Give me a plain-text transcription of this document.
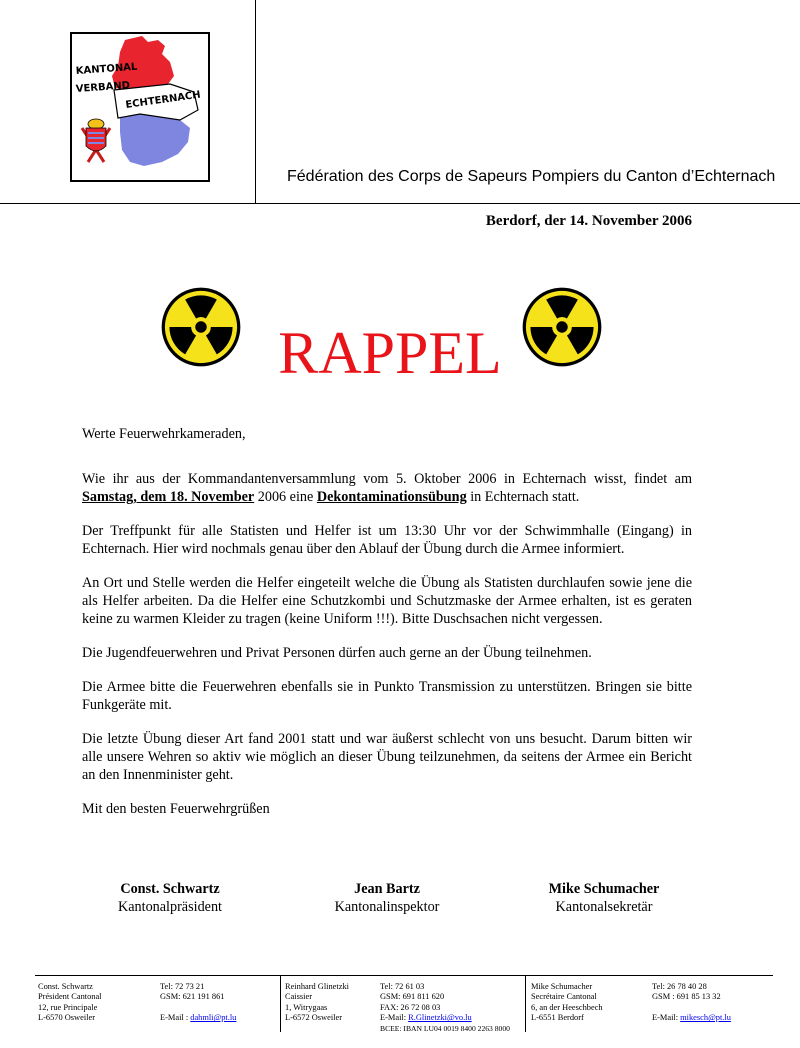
KANTONAL
VERBAND
ECHTERNACH
Fédération des Corps de Sapeurs Pompiers du Canton d’Echternach
Berdorf, der 14. November 2006
RAPPEL

Werte Feuerwehrkameraden,

Wie ihr aus der Kommandantenversammlung vom 5. Oktober 2006 in Echternach wisst, findet am Samstag, dem 18. November 2006 eine Dekontaminationsübung in Echternach statt.

Der Treffpunkt für alle Statisten und Helfer ist um 13:30 Uhr vor der Schwimmhalle (Eingang) in Echternach. Hier wird nochmals genau über den Ablauf der Übung durch die Armee informiert.

An Ort und Stelle werden die Helfer eingeteilt welche die Übung als Statisten durchlaufen sowie jene die als Helfer arbeiten. Da die Helfer eine Schutzkombi und Schutzmaske der Armee erhalten, ist es geraten keine zu warmen Kleider zu tragen (keine Uniform !!!). Bitte Duschsachen nicht vergessen.

Die Jugendfeuerwehren und Privat Personen dürfen auch gerne an der Übung teilnehmen.

Die Armee bitte die Feuerwehren ebenfalls sie in Punkto Transmission zu unterstützen. Bringen sie bitte Funkgeräte mit.

Die letzte Übung dieser Art fand 2001 statt und war äußerst schlecht von uns besucht. Darum bitten wir alle unsere Wehren so aktiv wie möglich an dieser Übung teilzunehmen, da seitens der Armee ein Bericht an den Innenminister geht.

Mit den besten Feuerwehrgrüßen

Const. Schwartz
Kantonalpräsident
Jean Bartz
Kantonalinspektor
Mike Schumacher
Kantonalsekretär
Const. Schwartz
Président Cantonal
12, rue Principale
L-6570 Osweiler
Tel: 72 73 21
GSM: 621 191 861
E-Mail : dahmli@pt.lu
Reinhard Glinetzki
Caissier
1, Witrygaas
L-6572 Osweiler
Tel: 72 61 03
GSM: 691 811 620
FAX: 26 72 08 03
E-Mail: R.Glinetzki@vo.lu
BCEE: IBAN LU04 0019 8400 2263 8000
Mike Schumacher
Secrétaire Cantonal
6, an der Heeschbech
L-6551 Berdorf
Tel: 26 78 40 28
GSM : 691 85 13 32
E-Mail: mikesch@pt.lu
